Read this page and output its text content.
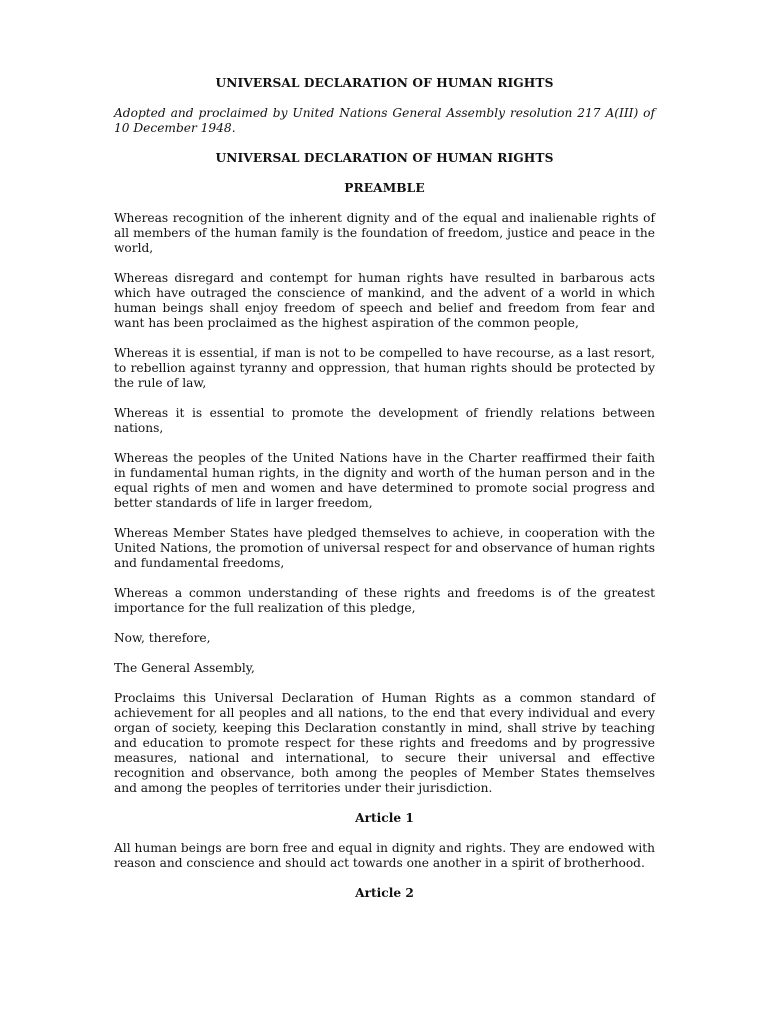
UNIVERSAL DECLARATION OF HUMAN RIGHTS

Adopted and proclaimed by United Nations General Assembly resolution 217 A(III) of 10 December 1948.

UNIVERSAL DECLARATION OF HUMAN RIGHTS

PREAMBLE

Whereas recognition of the inherent dignity and of the equal and inalienable rights of all members of the human family is the foundation of freedom, justice and peace in the world,

Whereas disregard and contempt for human rights have resulted in barbarous acts which have outraged the conscience of mankind, and the advent of a world in which human beings shall enjoy freedom of speech and belief and freedom from fear and want has been proclaimed as the highest aspiration of the common people,

Whereas it is essential, if man is not to be compelled to have recourse, as a last resort, to rebellion against tyranny and oppression, that human rights should be protected by the rule of law,

Whereas it is essential to promote the development of friendly relations between nations,

Whereas the peoples of the United Nations have in the Charter reaffirmed their faith in fundamental human rights, in the dignity and worth of the human person and in the equal rights of men and women and have determined to promote social progress and better standards of life in larger freedom,

Whereas Member States have pledged themselves to achieve, in cooperation with the United Nations, the promotion of universal respect for and observance of human rights and fundamental freedoms,

Whereas a common understanding of these rights and freedoms is of the greatest importance for the full realization of this pledge,

Now, therefore,

The General Assembly,

Proclaims this Universal Declaration of Human Rights as a common standard of achievement for all peoples and all nations, to the end that every individual and every organ of society, keeping this Declaration constantly in mind, shall strive by teaching and education to promote respect for these rights and freedoms and by progressive measures, national and international, to secure their universal and effective recognition and observance, both among the peoples of Member States themselves and among the peoples of territories under their jurisdiction.

Article 1

All human beings are born free and equal in dignity and rights. They are endowed with reason and conscience and should act towards one another in a spirit of brotherhood.

Article 2
